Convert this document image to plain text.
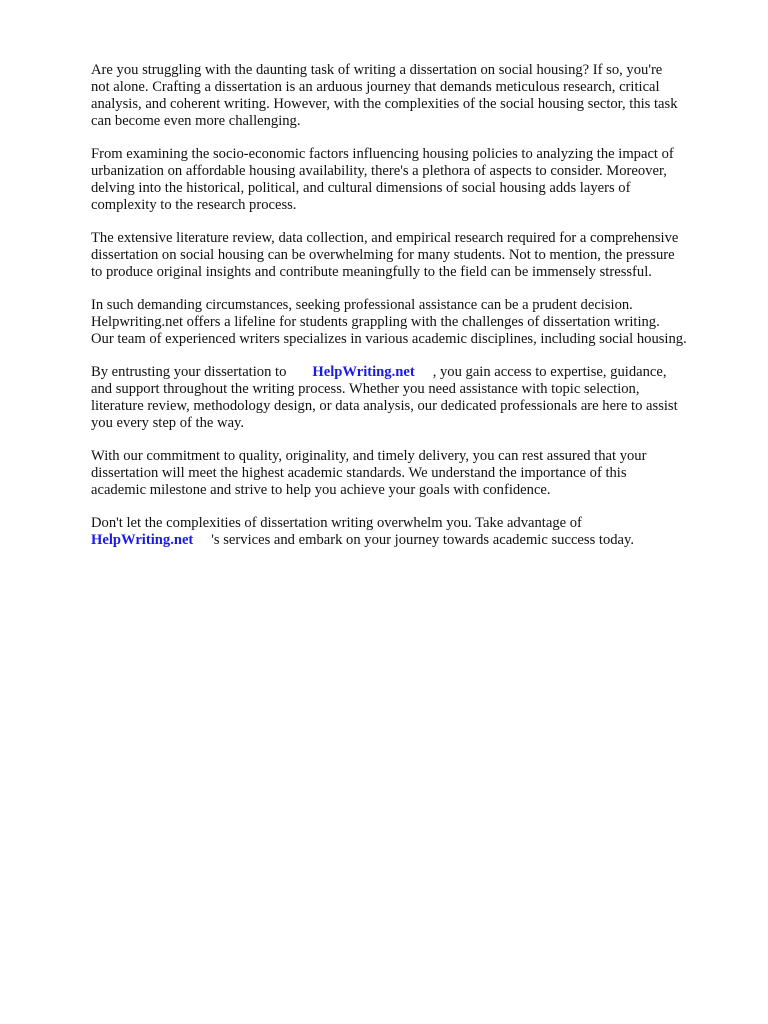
Are you struggling with the daunting task of writing a dissertation on social housing? If so, you're
not alone. Crafting a dissertation is an arduous journey that demands meticulous research, critical
analysis, and coherent writing. However, with the complexities of the social housing sector, this task
can become even more challenging.

From examining the socio-economic factors influencing housing policies to analyzing the impact of
urbanization on affordable housing availability, there's a plethora of aspects to consider. Moreover,
delving into the historical, political, and cultural dimensions of social housing adds layers of
complexity to the research process.

The extensive literature review, data collection, and empirical research required for a comprehensive
dissertation on social housing can be overwhelming for many students. Not to mention, the pressure
to produce original insights and contribute meaningfully to the field can be immensely stressful.

In such demanding circumstances, seeking professional assistance can be a prudent decision.
Helpwriting.net offers a lifeline for students grappling with the challenges of dissertation writing.
Our team of experienced writers specializes in various academic disciplines, including social housing.

By entrusting your dissertation to HelpWriting.net , you gain access to expertise, guidance,
and support throughout the writing process. Whether you need assistance with topic selection,
literature review, methodology design, or data analysis, our dedicated professionals are here to assist
you every step of the way.

With our commitment to quality, originality, and timely delivery, you can rest assured that your
dissertation will meet the highest academic standards. We understand the importance of this
academic milestone and strive to help you achieve your goals with confidence.

Don't let the complexities of dissertation writing overwhelm you. Take advantage of
HelpWriting.net 's services and embark on your journey towards academic success today.
